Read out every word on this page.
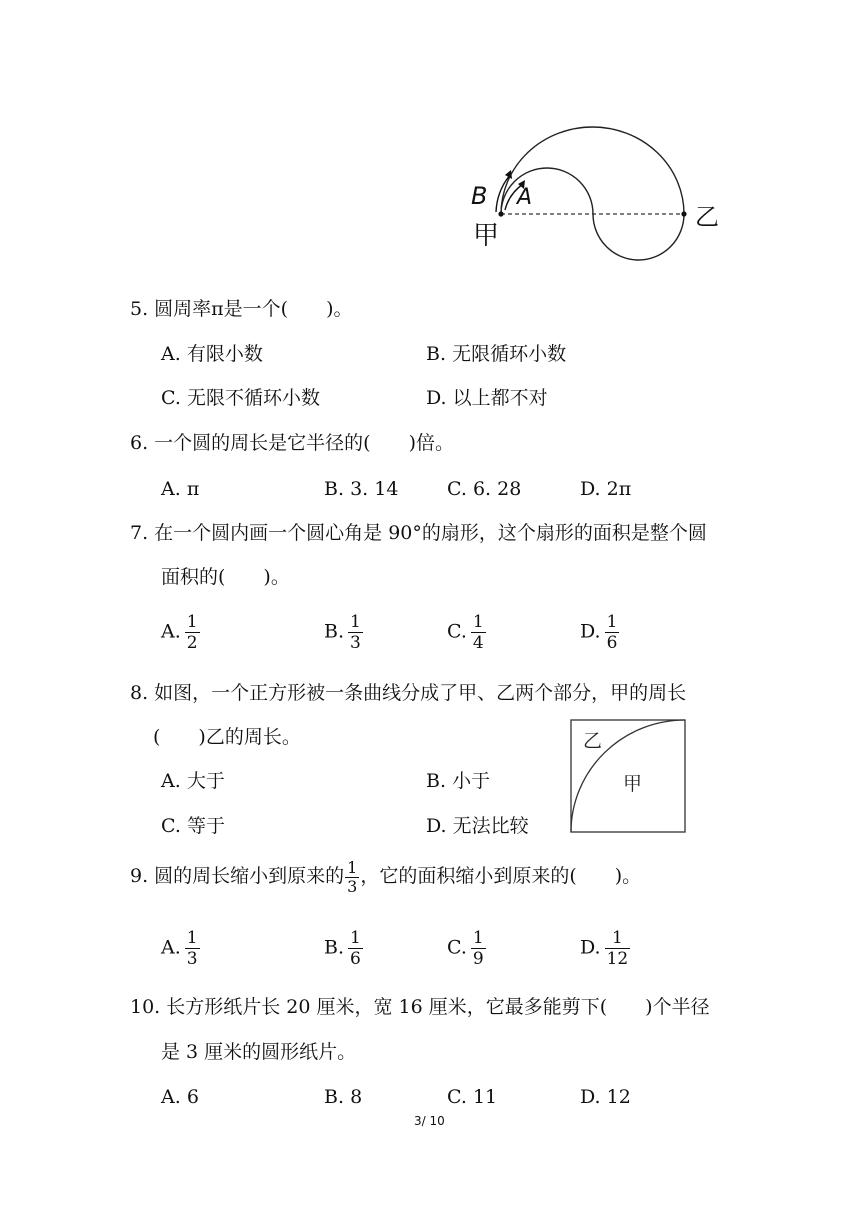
B A
甲
乙
5. 圆周率π是一个(　　)。
A. 有限小数	B. 无限循环小数
C. 无限不循环小数	D. 以上都不对
6. 一个圆的周长是它半径的(　　)倍。
A. π	B. 3. 14	C. 6. 28	D. 2π
7. 在一个圆内画一个圆心角是 90°的扇形，这个扇形的面积是整个圆
面积的(　　)。
A. $\frac{1}{2}$	B. $\frac{1}{3}$	C. $\frac{1}{4}$	D. $\frac{1}{6}$
8. 如图，一个正方形被一条曲线分成了甲、乙两个部分，甲的周长
(　　)乙的周长。
A. 大于	B. 小于
C. 等于	D. 无法比较
乙
甲
9. 圆的周长缩小到原来的 $\frac{1}{3}$ ，它的面积缩小到原来的(　　)。
A. $\frac{1}{3}$	B. $\frac{1}{6}$	C. $\frac{1}{9}$	D. $\frac{1}{12}$
10. 长方形纸片长 20 厘米，宽 16 厘米，它最多能剪下(　　)个半径
是 3 厘米的圆形纸片。
A. 6	B. 8	C. 11	D. 12
3/ 10
